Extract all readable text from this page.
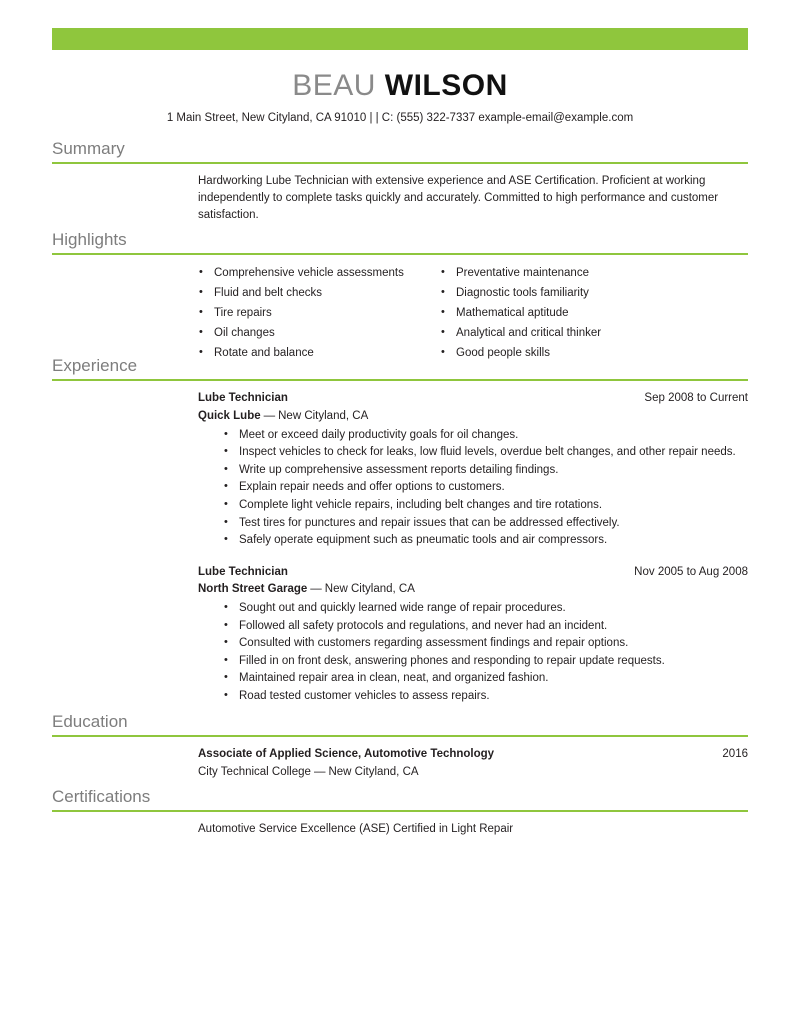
BEAU WILSON
1 Main Street, New Cityland, CA 91010 | | C: (555) 322-7337 example-email@example.com
Summary
Hardworking Lube Technician with extensive experience and ASE Certification. Proficient at working independently to complete tasks quickly and accurately. Committed to high performance and customer satisfaction.
Highlights
• Comprehensive vehicle assessments
• Fluid and belt checks
• Tire repairs
• Oil changes
• Rotate and balance
• Preventative maintenance
• Diagnostic tools familiarity
• Mathematical aptitude
• Analytical and critical thinker
• Good people skills
Experience
Lube Technician	Sep 2008 to Current
Quick Lube — New Cityland, CA
• Meet or exceed daily productivity goals for oil changes.
• Inspect vehicles to check for leaks, low fluid levels, overdue belt changes, and other repair needs.
• Write up comprehensive assessment reports detailing findings.
• Explain repair needs and offer options to customers.
• Complete light vehicle repairs, including belt changes and tire rotations.
• Test tires for punctures and repair issues that can be addressed effectively.
• Safely operate equipment such as pneumatic tools and air compressors.
Lube Technician	Nov 2005 to Aug 2008
North Street Garage — New Cityland, CA
• Sought out and quickly learned wide range of repair procedures.
• Followed all safety protocols and regulations, and never had an incident.
• Consulted with customers regarding assessment findings and repair options.
• Filled in on front desk, answering phones and responding to repair update requests.
• Maintained repair area in clean, neat, and organized fashion.
• Road tested customer vehicles to assess repairs.
Education
Associate of Applied Science, Automotive Technology	2016
City Technical College — New Cityland, CA
Certifications
Automotive Service Excellence (ASE) Certified in Light Repair
